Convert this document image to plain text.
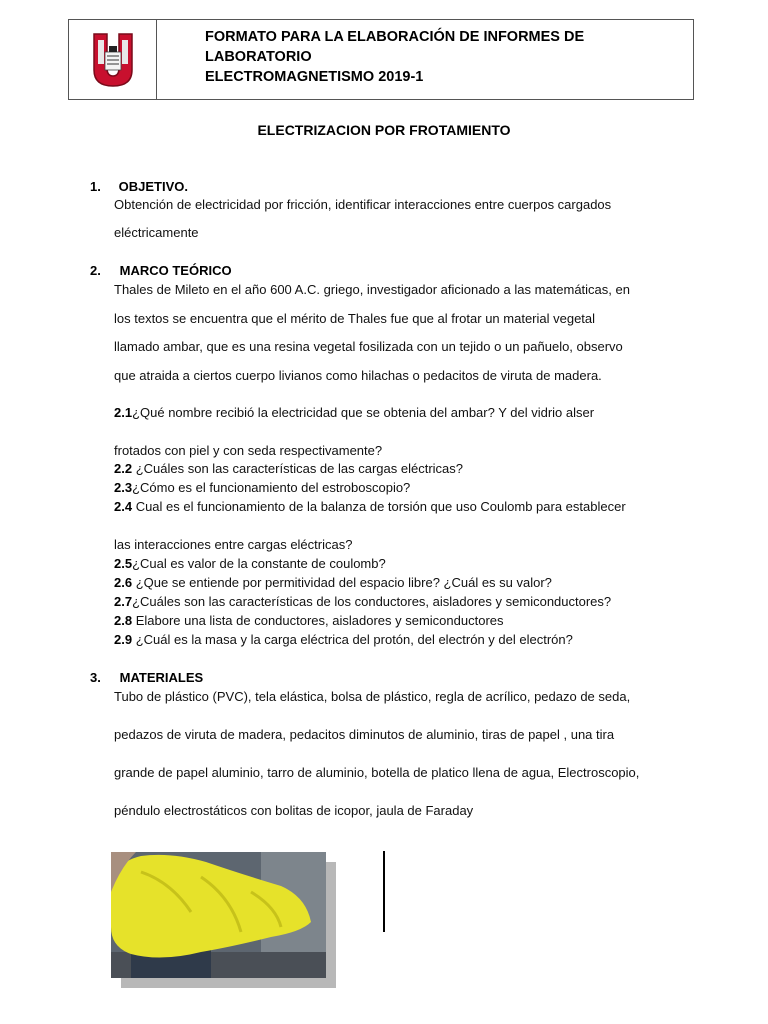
FORMATO PARA LA ELABORACIÓN DE INFORMES DE
LABORATORIO
ELECTROMAGNETISMO 2019-1
ELECTRIZACION POR FROTAMIENTO
1. OBJETIVO.
Obtención de electricidad por fricción, identificar interacciones entre cuerpos cargados
eléctricamente
2. MARCO TEÓRICO
Thales de Mileto en el año 600 A.C. griego, investigador aficionado a las matemáticas, en
los textos se encuentra que el mérito de Thales fue que al frotar un material vegetal
llamado ambar, que es una resina vegetal fosilizada con un tejido o un pañuelo, observo
que atraida a ciertos cuerpo livianos como hilachas o pedacitos de viruta de madera.
2.1¿Qué nombre recibió la electricidad que se obtenia del ambar? Y del vidrio alser
frotados con piel y con seda respectivamente?
2.2 ¿Cuáles son las características de las cargas eléctricas?
2.3¿Cómo es el funcionamiento del estroboscopio?
2.4 Cual es el funcionamiento de la balanza de torsión que uso Coulomb para establecer
las interacciones entre cargas eléctricas?
2.5¿Cual es valor de la constante de coulomb?
2.6 ¿Que se entiende por permitividad del espacio libre? ¿Cuál es su valor?
2.7¿Cuáles son las características de los conductores, aisladores y semiconductores?
2.8 Elabore una lista de conductores, aisladores y semiconductores
2.9 ¿Cuál es la masa y la carga eléctrica del protón, del electrón y del electrón?
3. MATERIALES
Tubo de plástico (PVC), tela elástica, bolsa de plástico, regla de acrílico, pedazo de seda,
pedazos de viruta de madera, pedacitos diminutos de aluminio, tiras de papel , una tira
grande de papel aluminio, tarro de aluminio, botella de platico llena de agua, Electroscopio,
péndulo electrostáticos con bolitas de icopor, jaula de Faraday
